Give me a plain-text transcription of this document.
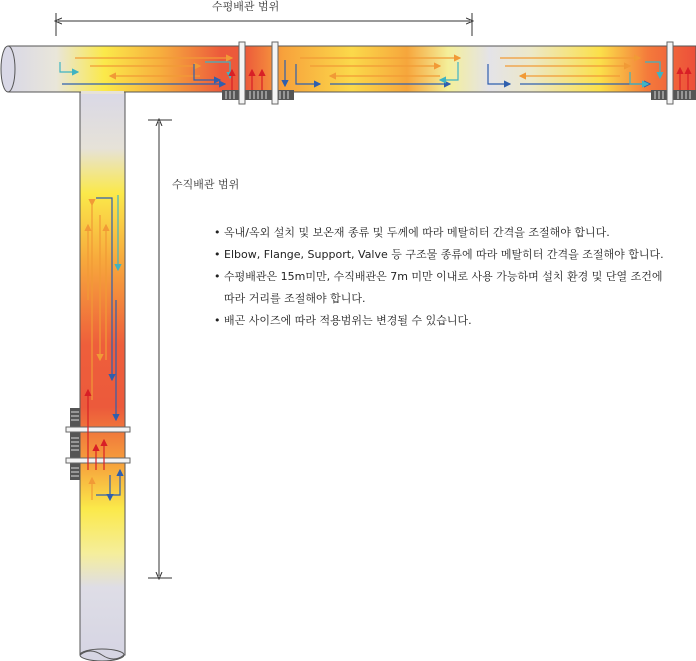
수평배관 범위
수직배관 범위
• 옥내/옥외 설치 및 보온재 종류 및 두께에 따라 메탈히터 간격을 조절해야 합니다.
• Elbow, Flange, Support, Valve 등 구조물 종류에 따라 메탈히터 간격을 조절해야 합니다.
• 수평배관은 15m미만, 수직배관은 7m 미만 이내로 사용 가능하며 설치 환경 및 단열 조건에
따라 거리를 조절해야 합니다.
• 배곤 사이즈에 따라 적용범위는 변경될 수 있습니다.
